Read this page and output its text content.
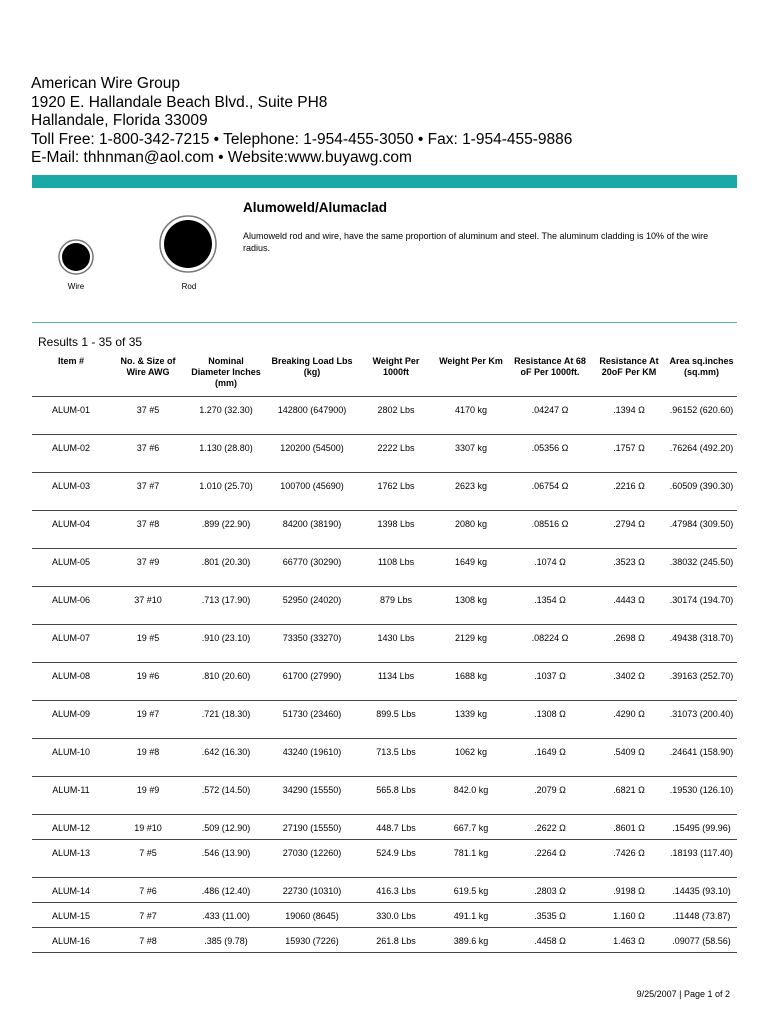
American Wire Group
1920 E. Hallandale Beach Blvd., Suite PH8
Hallandale, Florida 33009
Toll Free: 1-800-342-7215 • Telephone: 1-954-455-3050 • Fax: 1-954-455-9886
E-Mail: thhnman@aol.com • Website:www.buyawg.com
Wire	Rod
Alumoweld/Alumaclad
Alumoweld rod and wire, have the same proportion of aluminum and steel. The aluminum cladding is 10% of the wire radius.
Results 1 - 35 of 35
Item #	No. & Size of Wire AWG	Nominal Diameter Inches (mm)	Breaking Load Lbs (kg)	Weight Per 1000ft	Weight Per Km	Resistance At 68 oF Per 1000ft.	Resistance At 20oF Per KM	Area sq.inches (sq.mm)
ALUM-01	37 #5	1.270 (32.30)	142800 (647900)	2802 Lbs	4170 kg	.04247 Ω	.1394 Ω	.96152 (620.60)
ALUM-02	37 #6	1.130 (28.80)	120200 (54500)	2222 Lbs	3307 kg	.05356 Ω	.1757 Ω	.76264 (492.20)
ALUM-03	37 #7	1.010 (25.70)	100700 (45690)	1762 Lbs	2623 kg	.06754 Ω	.2216 Ω	.60509 (390.30)
ALUM-04	37 #8	.899 (22.90)	84200 (38190)	1398 Lbs	2080 kg	.08516 Ω	.2794 Ω	.47984 (309.50)
ALUM-05	37 #9	.801 (20.30)	66770 (30290)	1108 Lbs	1649 kg	.1074 Ω	.3523 Ω	.38032 (245.50)
ALUM-06	37 #10	.713 (17.90)	52950 (24020)	879 Lbs	1308 kg	.1354 Ω	.4443 Ω	.30174 (194.70)
ALUM-07	19 #5	.910 (23.10)	73350 (33270)	1430 Lbs	2129 kg	.08224 Ω	.2698 Ω	.49438 (318.70)
ALUM-08	19 #6	.810 (20.60)	61700 (27990)	1134 Lbs	1688 kg	.1037 Ω	.3402 Ω	.39163 (252.70)
ALUM-09	19 #7	.721 (18.30)	51730 (23460)	899.5 Lbs	1339 kg	.1308 Ω	.4290 Ω	.31073 (200.40)
ALUM-10	19 #8	.642 (16.30)	43240 (19610)	713.5 Lbs	1062 kg	.1649 Ω	.5409 Ω	.24641 (158.90)
ALUM-11	19 #9	.572 (14.50)	34290 (15550)	565.8 Lbs	842.0 kg	.2079 Ω	.6821 Ω	.19530 (126.10)
ALUM-12	19 #10	.509 (12.90)	27190 (15550)	448.7 Lbs	667.7 kg	.2622 Ω	.8601 Ω	.15495 (99.96)
ALUM-13	7 #5	.546 (13.90)	27030 (12260)	524.9 Lbs	781.1 kg	.2264 Ω	.7426 Ω	.18193 (117.40)
ALUM-14	7 #6	.486 (12.40)	22730 (10310)	416.3 Lbs	619.5 kg	.2803 Ω	.9198 Ω	.14435 (93.10)
ALUM-15	7 #7	.433 (11.00)	19060 (8645)	330.0 Lbs	491.1 kg	.3535 Ω	1.160 Ω	.11448 (73.87)
ALUM-16	7 #8	.385 (9.78)	15930 (7226)	261.8 Lbs	389.6 kg	.4458 Ω	1.463 Ω	.09077 (58.56)
9/25/2007 | Page 1 of 2
